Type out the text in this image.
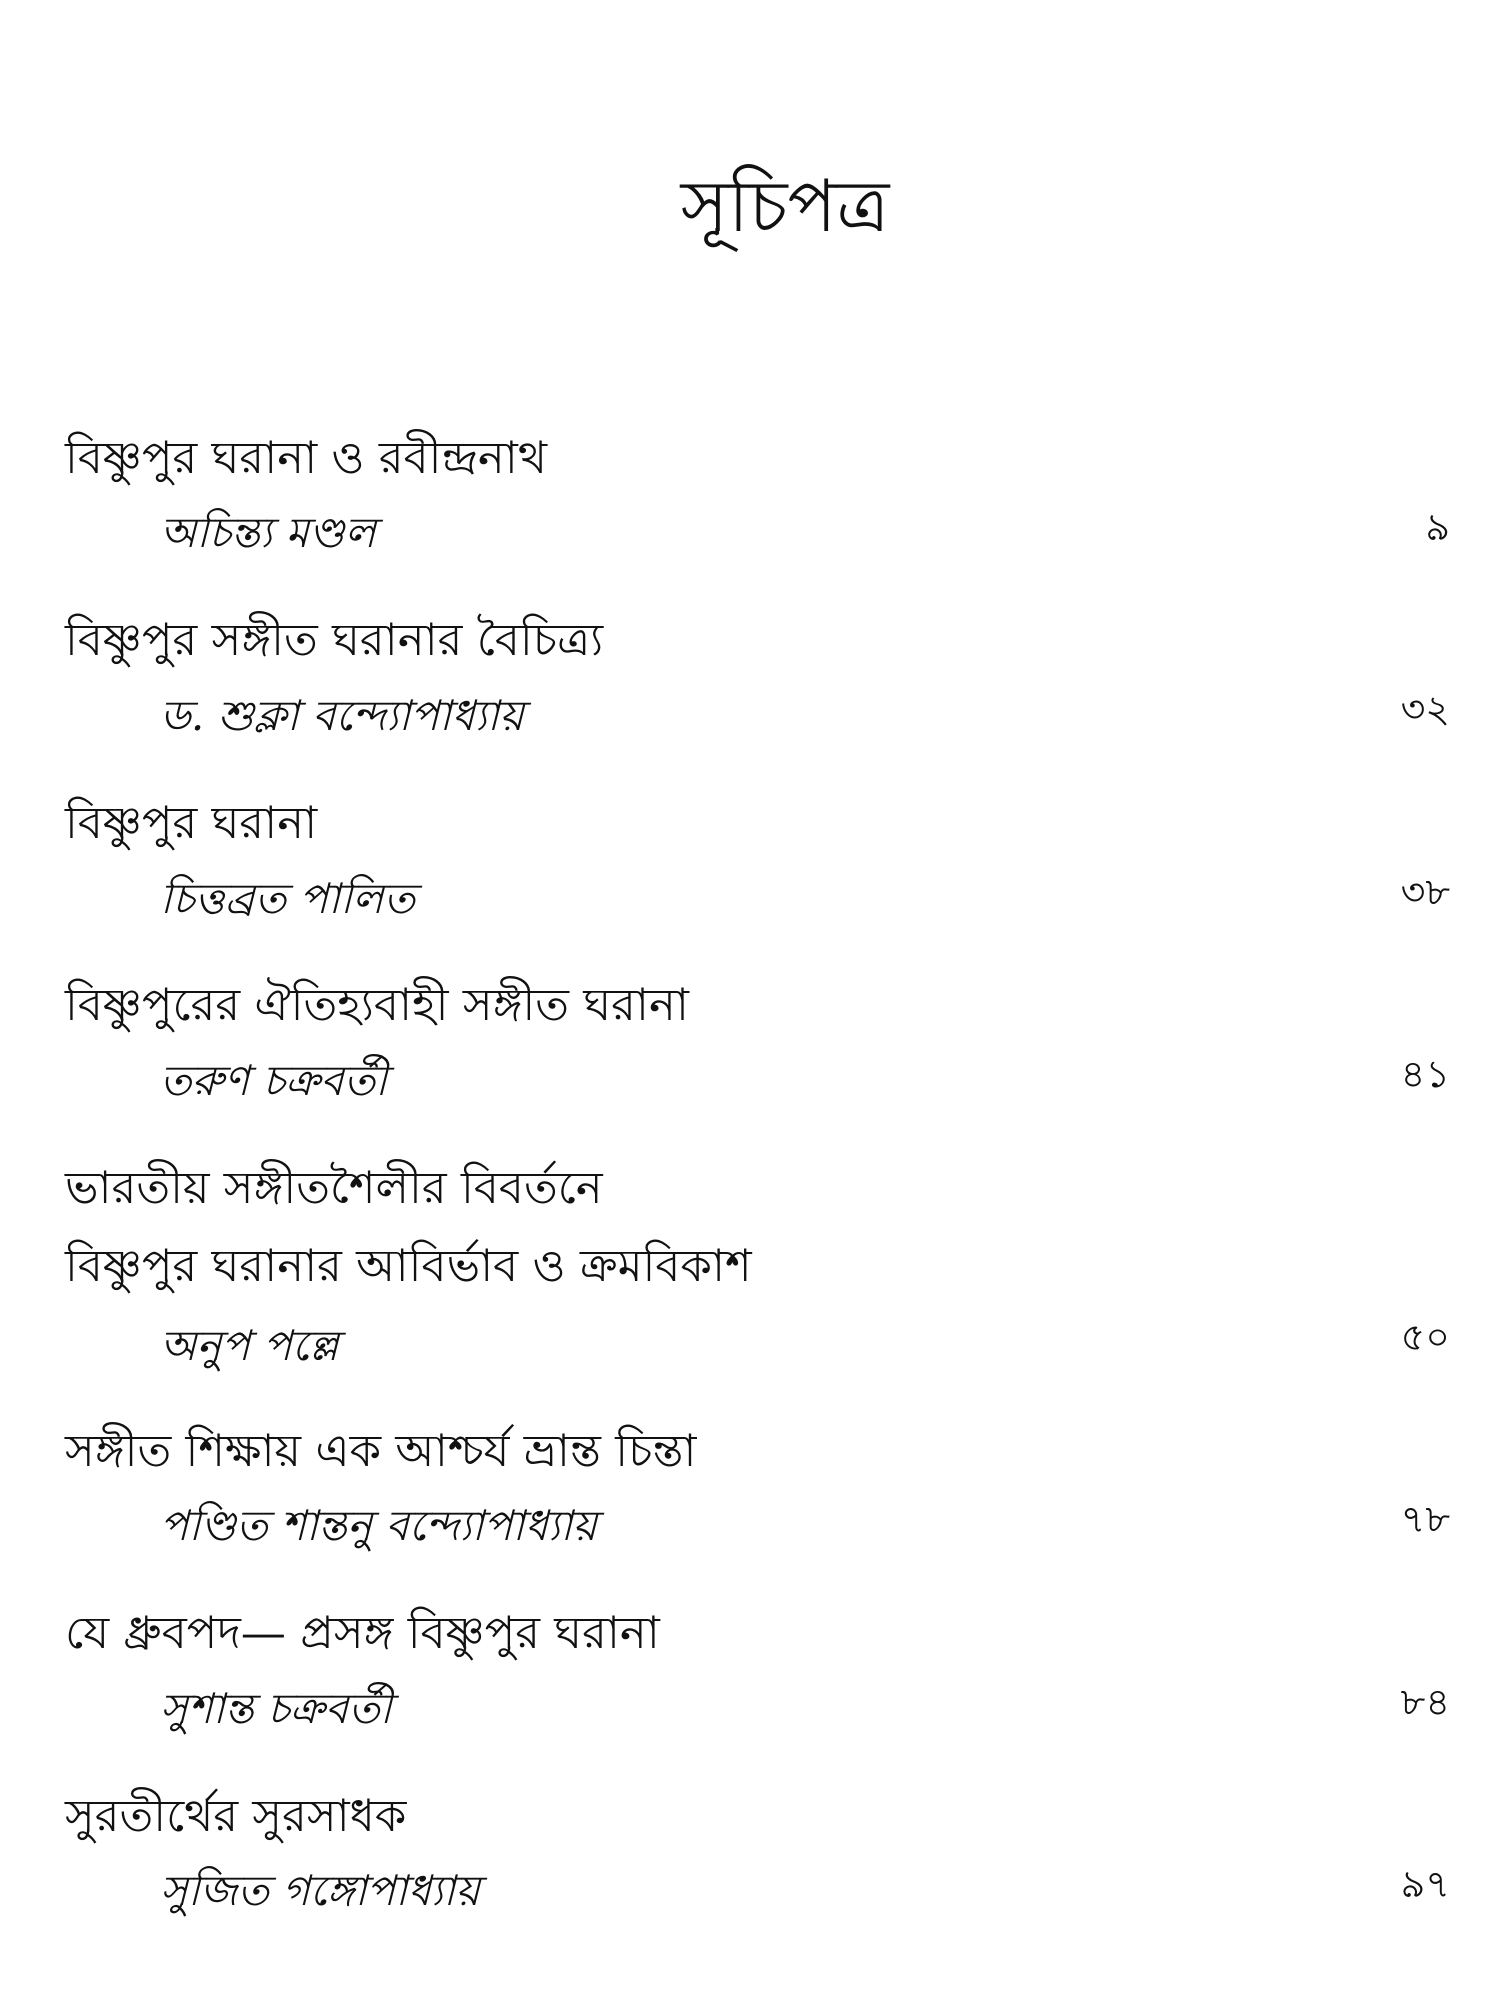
সূচিপত্র
বিষ্ণুপুর ঘরানা ও রবীন্দ্রনাথ
অচিন্ত্য মণ্ডল	৯
বিষ্ণুপুর সঙ্গীত ঘরানার বৈচিত্র্য
ড. শুক্লা বন্দ্যোপাধ্যায়	৩২
বিষ্ণুপুর ঘরানা
চিত্তব্রত পালিত	৩৮
বিষ্ণুপুরের ঐতিহ্যবাহী সঙ্গীত ঘরানা
তরুণ চক্রবর্তী	৪১
ভারতীয় সঙ্গীতশৈলীর বিবর্তনে
বিষ্ণুপুর ঘরানার আবির্ভাব ও ক্রমবিকাশ
অনুপ পল্লে	৫০
সঙ্গীত শিক্ষায় এক আশ্চর্য ভ্রান্ত চিন্তা
পণ্ডিত শান্তনু বন্দ্যোপাধ্যায়	৭৮
যে ধ্রুবপদ— প্রসঙ্গ বিষ্ণুপুর ঘরানা
সুশান্ত চক্রবর্তী	৮৪
সুরতীর্থের সুরসাধক
সুজিত গঙ্গোপাধ্যায়	৯৭
